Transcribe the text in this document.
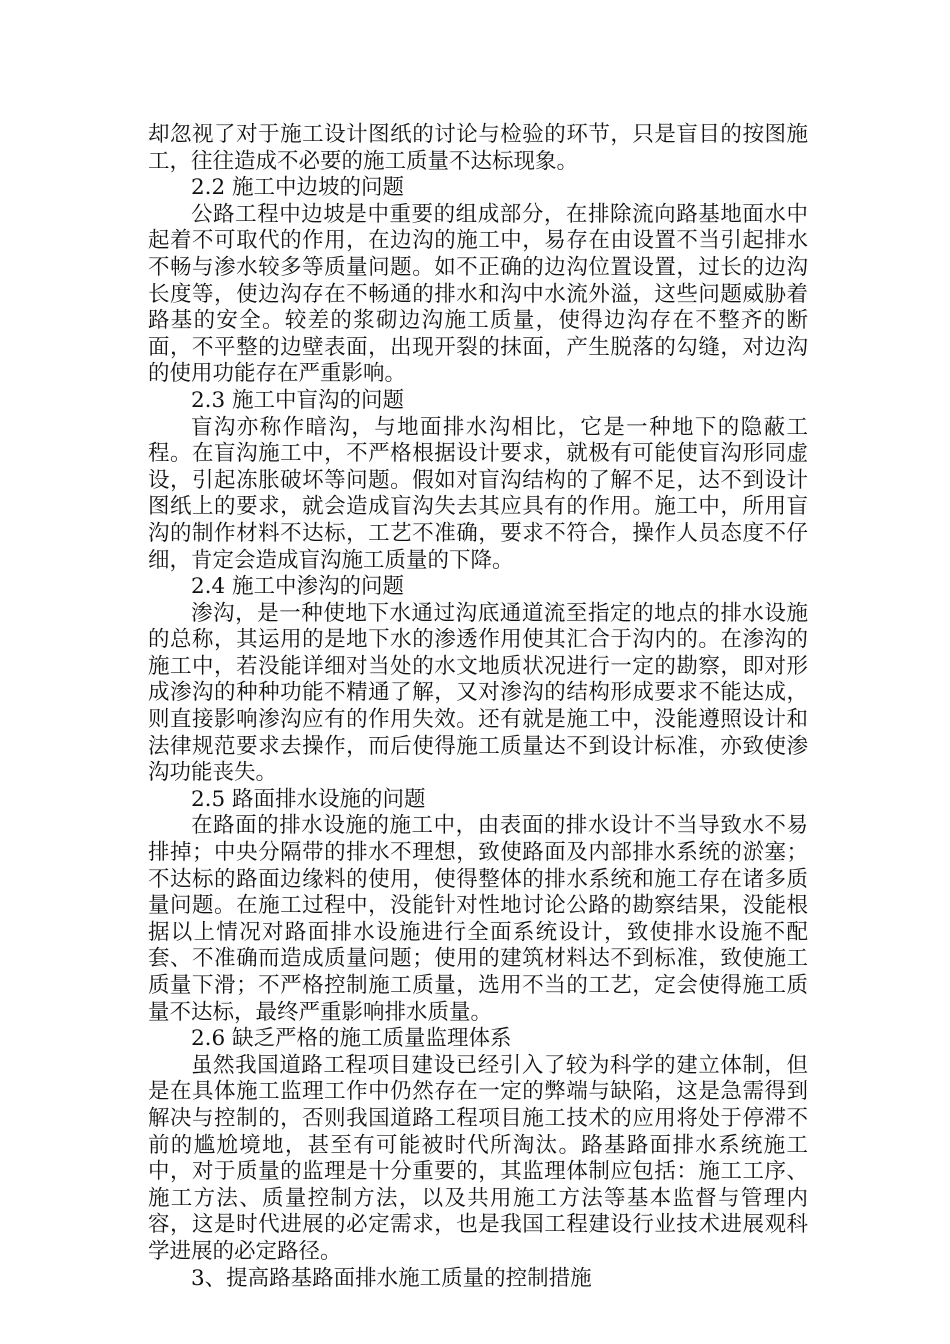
却忽视了对于施工设计图纸的讨论与检验的环节，只是盲目的按图施工，往往造成不必要的施工质量不达标现象。

2.2 施工中边坡的问题

公路工程中边坡是中重要的组成部分，在排除流向路基地面水中起着不可取代的作用，在边沟的施工中，易存在由设置不当引起排水不畅与渗水较多等质量问题。如不正确的边沟位置设置，过长的边沟长度等，使边沟存在不畅通的排水和沟中水流外溢，这些问题威胁着路基的安全。较差的浆砌边沟施工质量，使得边沟存在不整齐的断面，不平整的边壁表面，出现开裂的抹面，产生脱落的勾缝，对边沟的使用功能存在严重影响。

2.3 施工中盲沟的问题

盲沟亦称作暗沟，与地面排水沟相比，它是一种地下的隐蔽工程。在盲沟施工中，不严格根据设计要求，就极有可能使盲沟形同虚设，引起冻胀破坏等问题。假如对盲沟结构的了解不足，达不到设计图纸上的要求，就会造成盲沟失去其应具有的作用。施工中，所用盲沟的制作材料不达标，工艺不准确，要求不符合，操作人员态度不仔细，肯定会造成盲沟施工质量的下降。

2.4 施工中渗沟的问题

渗沟，是一种使地下水通过沟底通道流至指定的地点的排水设施的总称，其运用的是地下水的渗透作用使其汇合于沟内的。在渗沟的施工中，若没能详细对当处的水文地质状况进行一定的勘察，即对形成渗沟的种种功能不精通了解，又对渗沟的结构形成要求不能达成，则直接影响渗沟应有的作用失效。还有就是施工中，没能遵照设计和法律规范要求去操作，而后使得施工质量达不到设计标准，亦致使渗沟功能丧失。

2.5 路面排水设施的问题

在路面的排水设施的施工中，由表面的排水设计不当导致水不易排掉；中央分隔带的排水不理想，致使路面及内部排水系统的淤塞；不达标的路面边缘料的使用，使得整体的排水系统和施工存在诸多质量问题。在施工过程中，没能针对性地讨论公路的勘察结果，没能根据以上情况对路面排水设施进行全面系统设计，致使排水设施不配套、不准确而造成质量问题；使用的建筑材料达不到标准，致使施工质量下滑；不严格控制施工质量，选用不当的工艺，定会使得施工质量不达标，最终严重影响排水质量。

2.6 缺乏严格的施工质量监理体系

虽然我国道路工程项目建设已经引入了较为科学的建立体制，但是在具体施工监理工作中仍然存在一定的弊端与缺陷，这是急需得到解决与控制的，否则我国道路工程项目施工技术的应用将处于停滞不前的尴尬境地，甚至有可能被时代所淘汰。路基路面排水系统施工中，对于质量的监理是十分重要的，其监理体制应包括：施工工序、施工方法、质量控制方法，以及共用施工方法等基本监督与管理内容，这是时代进展的必定需求，也是我国工程建设行业技术进展观科学进展的必定路径。

3、提高路基路面排水施工质量的控制措施
